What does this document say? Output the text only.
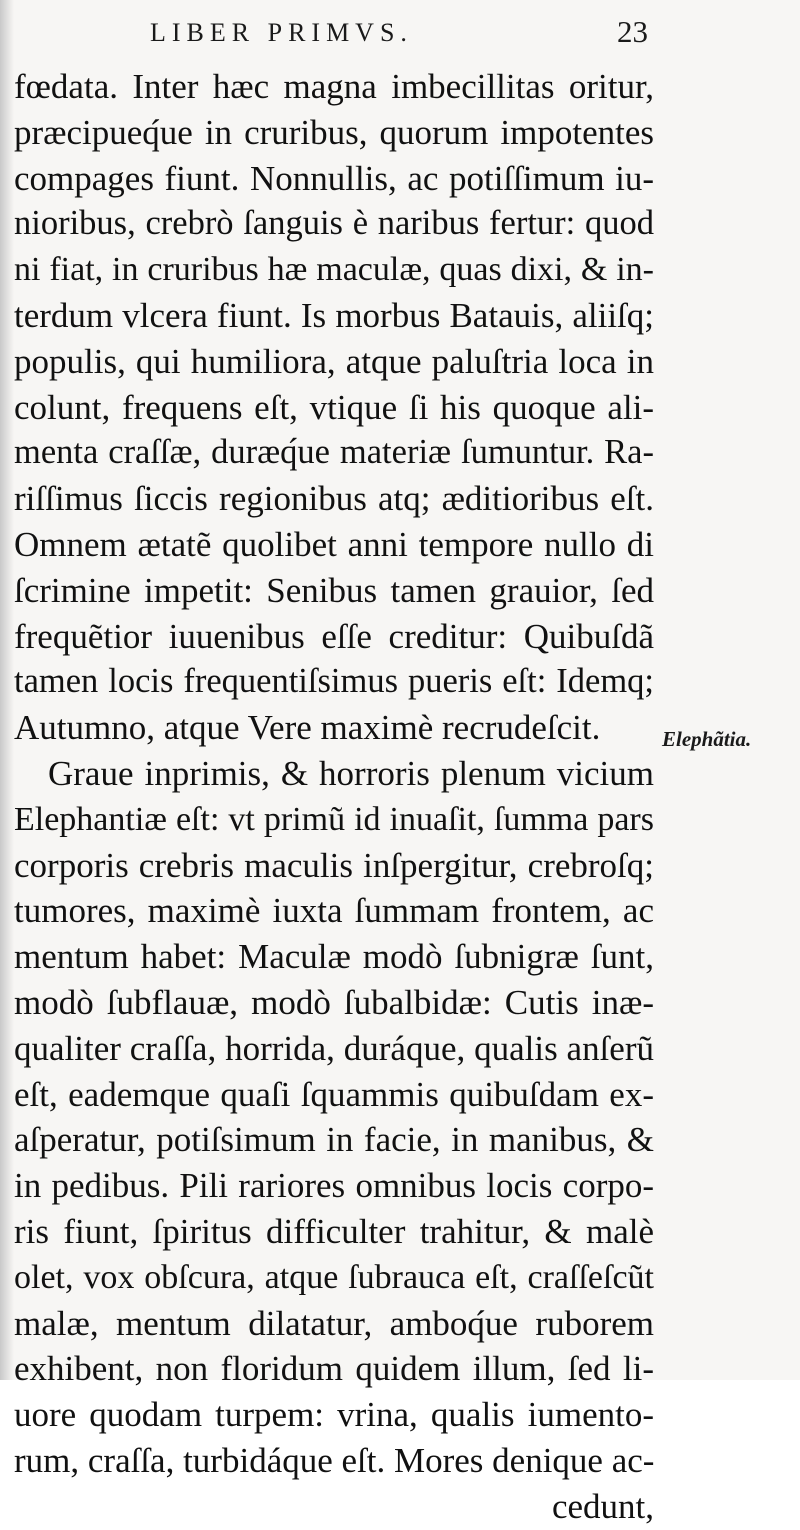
LIBER PRIMVS.	23
fœdata. Inter hæc magna imbecillitas oritur,
præcipueq́ue in cruribus, quorum impotentes
compages fiunt. Nonnullis, ac potiſſimum iu-
nioribus, crebrò ſanguis è naribus fertur: quod
ni fiat, in cruribus hæ maculæ, quas dixi, & in-
terdum vlcera fiunt. Is morbus Batauis, aliiſq;
populis, qui humiliora, atque paluſtria loca in
colunt, frequens eſt, vtique ſi his quoque ali-
menta craſſæ, duræq́ue materiæ ſumuntur. Ra-
riſſimus ſiccis regionibus atq; æditioribus eſt.
Omnem ætatẽ quolibet anni tempore nullo di
ſcrimine impetit: Senibus tamen grauior, ſed
frequẽtior iuuenibus eſſe creditur: Quibuſdã
tamen locis frequentiſsimus pueris eſt: Idemq;
Autumno, atque Vere maximè recrudeſcit.
Graue inprimis, & horroris plenum vicium
Elephantiæ eſt: vt primũ id inuaſit, ſumma pars
corporis crebris maculis inſpergitur, crebroſq;
tumores, maximè iuxta ſummam frontem, ac
mentum habet: Maculæ modò ſubnigræ ſunt,
modò ſubflauæ, modò ſubalbidæ: Cutis inæ-
qualiter craſſa, horrida, duráque, qualis anſerũ
eſt, eademque quaſi ſquammis quibuſdam ex-
aſperatur, potiſsimum in facie, in manibus, &
in pedibus. Pili rariores omnibus locis corpo-
ris fiunt, ſpiritus difficulter trahitur, & malè
olet, vox obſcura, atque ſubrauca eſt, craſſeſcũt
malæ, mentum dilatatur, amboq́ue ruborem
exhibent, non floridum quidem illum, ſed li-
uore quodam turpem: vrina, qualis iumento-
rum, craſſa, turbidáque eſt. Mores denique ac-
cedunt,
Elephãtia.
